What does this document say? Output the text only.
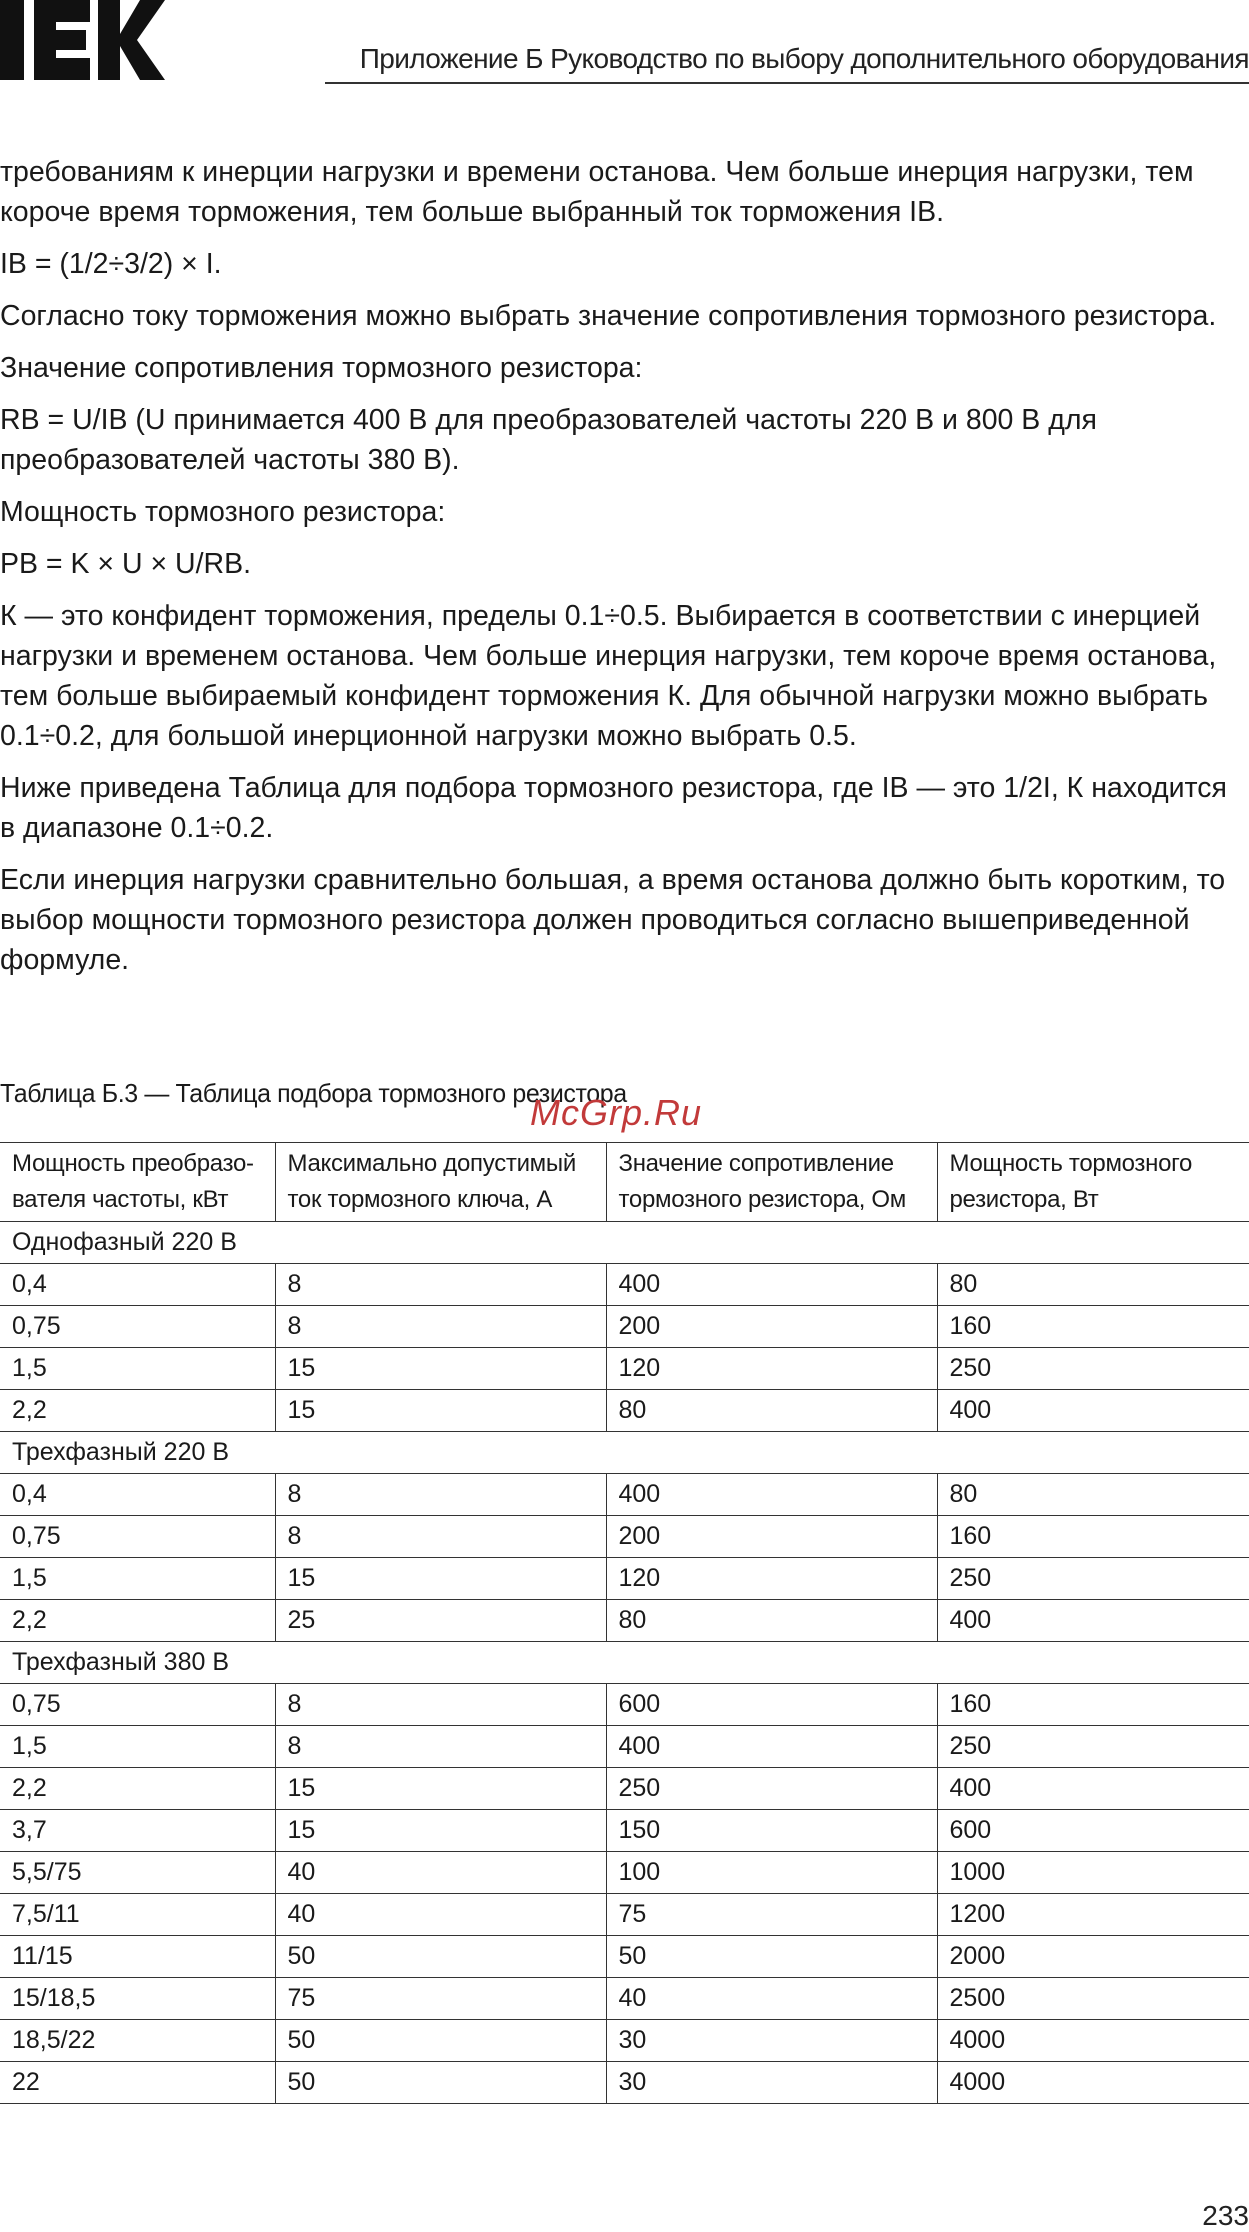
Приложение Б Руководство по выбору дополнительного оборудования

требованиям к инерции нагрузки и времени останова. Чем больше инерция нагрузки, тем короче время торможения, тем больше выбранный ток торможения IB.

IB = (1/2÷3/2) × I.

Согласно току торможения можно выбрать значение сопротивления тормозного резистора.

Значение сопротивления тормозного резистора:

RB = U/IB (U принимается 400 В для преобразователей частоты 220 В и 800 В для преобразователей частоты 380 В).

Мощность тормозного резистора:

PB = K × U × U/RB.

К — это конфидент торможения, пределы 0.1÷0.5. Выбирается в соответствии с инерцией нагрузки и временем останова. Чем больше инерция нагрузки, тем короче время останова, тем больше выбираемый конфидент торможения К. Для обычной нагрузки можно выбрать 0.1÷0.2, для большой инерционной нагрузки можно выбрать 0.5.

Ниже приведена Таблица для подбора тормозного резистора, где IB — это 1/2I, К находится в диапазоне 0.1÷0.2.

Если инерция нагрузки сравнительно большая, а время останова должно быть коротким, то выбор мощности тормозного резистора должен проводиться согласно вышеприведенной формуле.

Таблица Б.3 — Таблица подбора тормозного резистора
McGrp.Ru
Мощность преобразо-вателя частоты, кВт	Максимально допустимый ток тормозного ключа, А	Значение сопротивление тормозного резистора, Ом	Мощность тормозного резистора, Вт
Однофазный 220 В			
0,4	8	400	80
0,75	8	200	160
1,5	15	120	250
2,2	15	80	400
Трехфазный 220 В			
0,4	8	400	80
0,75	8	200	160
1,5	15	120	250
2,2	25	80	400
Трехфазный 380 В			
0,75	8	600	160
1,5	8	400	250
2,2	15	250	400
3,7	15	150	600
5,5/75	40	100	1000
7,5/11	40	75	1200
11/15	50	50	2000
15/18,5	75	40	2500
18,5/22	50	30	4000
22	50	30	4000
233
